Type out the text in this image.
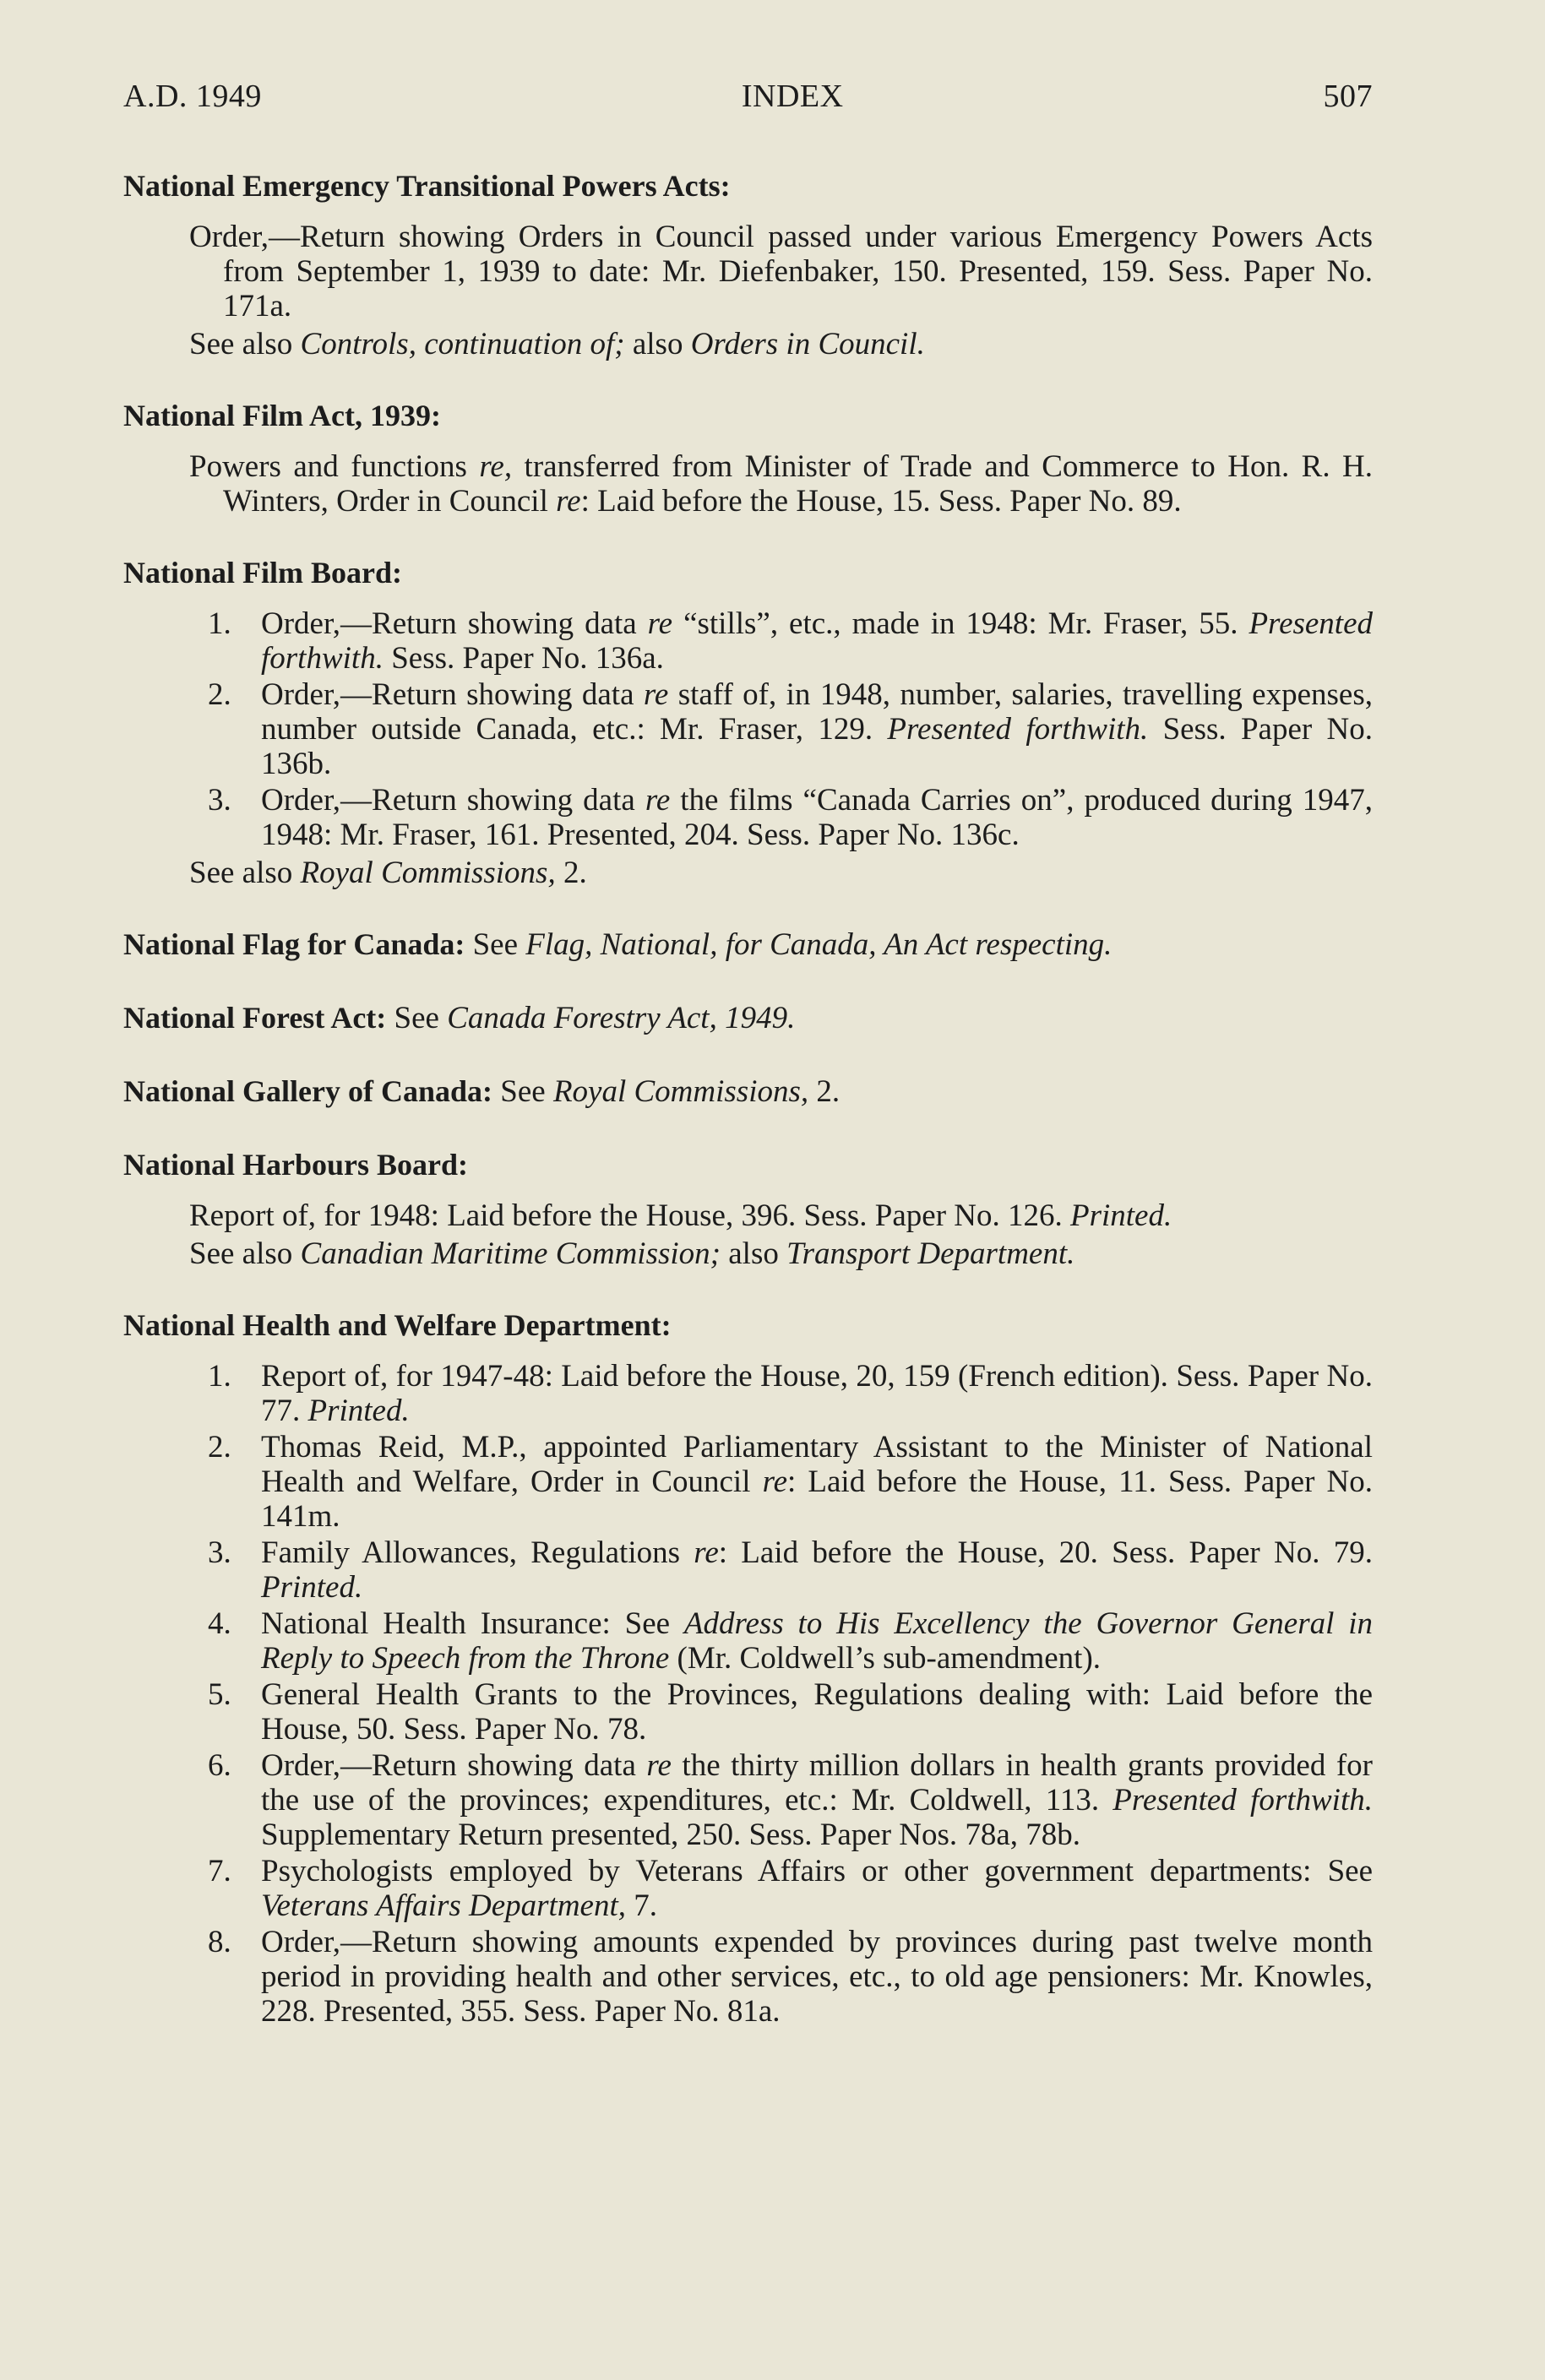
A.D. 1949	INDEX	507
National Emergency Transitional Powers Acts:
Order,—Return showing Orders in Council passed under various Emergency Powers Acts from September 1, 1939 to date: Mr. Diefenbaker, 150. Presented, 159. Sess. Paper No. 171a.
See also Controls, continuation of; also Orders in Council.
National Film Act, 1939:
Powers and functions re, transferred from Minister of Trade and Commerce to Hon. R. H. Winters, Order in Council re: Laid before the House, 15. Sess. Paper No. 89.
National Film Board:
1. Order,—Return showing data re “stills”, etc., made in 1948: Mr. Fraser, 55. Presented forthwith. Sess. Paper No. 136a.
2. Order,—Return showing data re staff of, in 1948, number, salaries, travelling expenses, number outside Canada, etc.: Mr. Fraser, 129. Presented forthwith. Sess. Paper No. 136b.
3. Order,—Return showing data re the films “Canada Carries on”, produced during 1947, 1948: Mr. Fraser, 161. Presented, 204. Sess. Paper No. 136c.
See also Royal Commissions, 2.
National Flag for Canada: See Flag, National, for Canada, An Act respecting.
National Forest Act: See Canada Forestry Act, 1949.
National Gallery of Canada: See Royal Commissions, 2.
National Harbours Board:
Report of, for 1948: Laid before the House, 396. Sess. Paper No. 126. Printed.
See also Canadian Maritime Commission; also Transport Department.
National Health and Welfare Department:
1. Report of, for 1947-48: Laid before the House, 20, 159 (French edition). Sess. Paper No. 77. Printed.
2. Thomas Reid, M.P., appointed Parliamentary Assistant to the Minister of National Health and Welfare, Order in Council re: Laid before the House, 11. Sess. Paper No. 141m.
3. Family Allowances, Regulations re: Laid before the House, 20. Sess. Paper No. 79. Printed.
4. National Health Insurance: See Address to His Excellency the Governor General in Reply to Speech from the Throne (Mr. Coldwell’s sub-amendment).
5. General Health Grants to the Provinces, Regulations dealing with: Laid before the House, 50. Sess. Paper No. 78.
6. Order,—Return showing data re the thirty million dollars in health grants provided for the use of the provinces; expenditures, etc.: Mr. Coldwell, 113. Presented forthwith. Supplementary Return presented, 250. Sess. Paper Nos. 78a, 78b.
7. Psychologists employed by Veterans Affairs or other government departments: See Veterans Affairs Department, 7.
8. Order,—Return showing amounts expended by provinces during past twelve month period in providing health and other services, etc., to old age pensioners: Mr. Knowles, 228. Presented, 355. Sess. Paper No. 81a.
